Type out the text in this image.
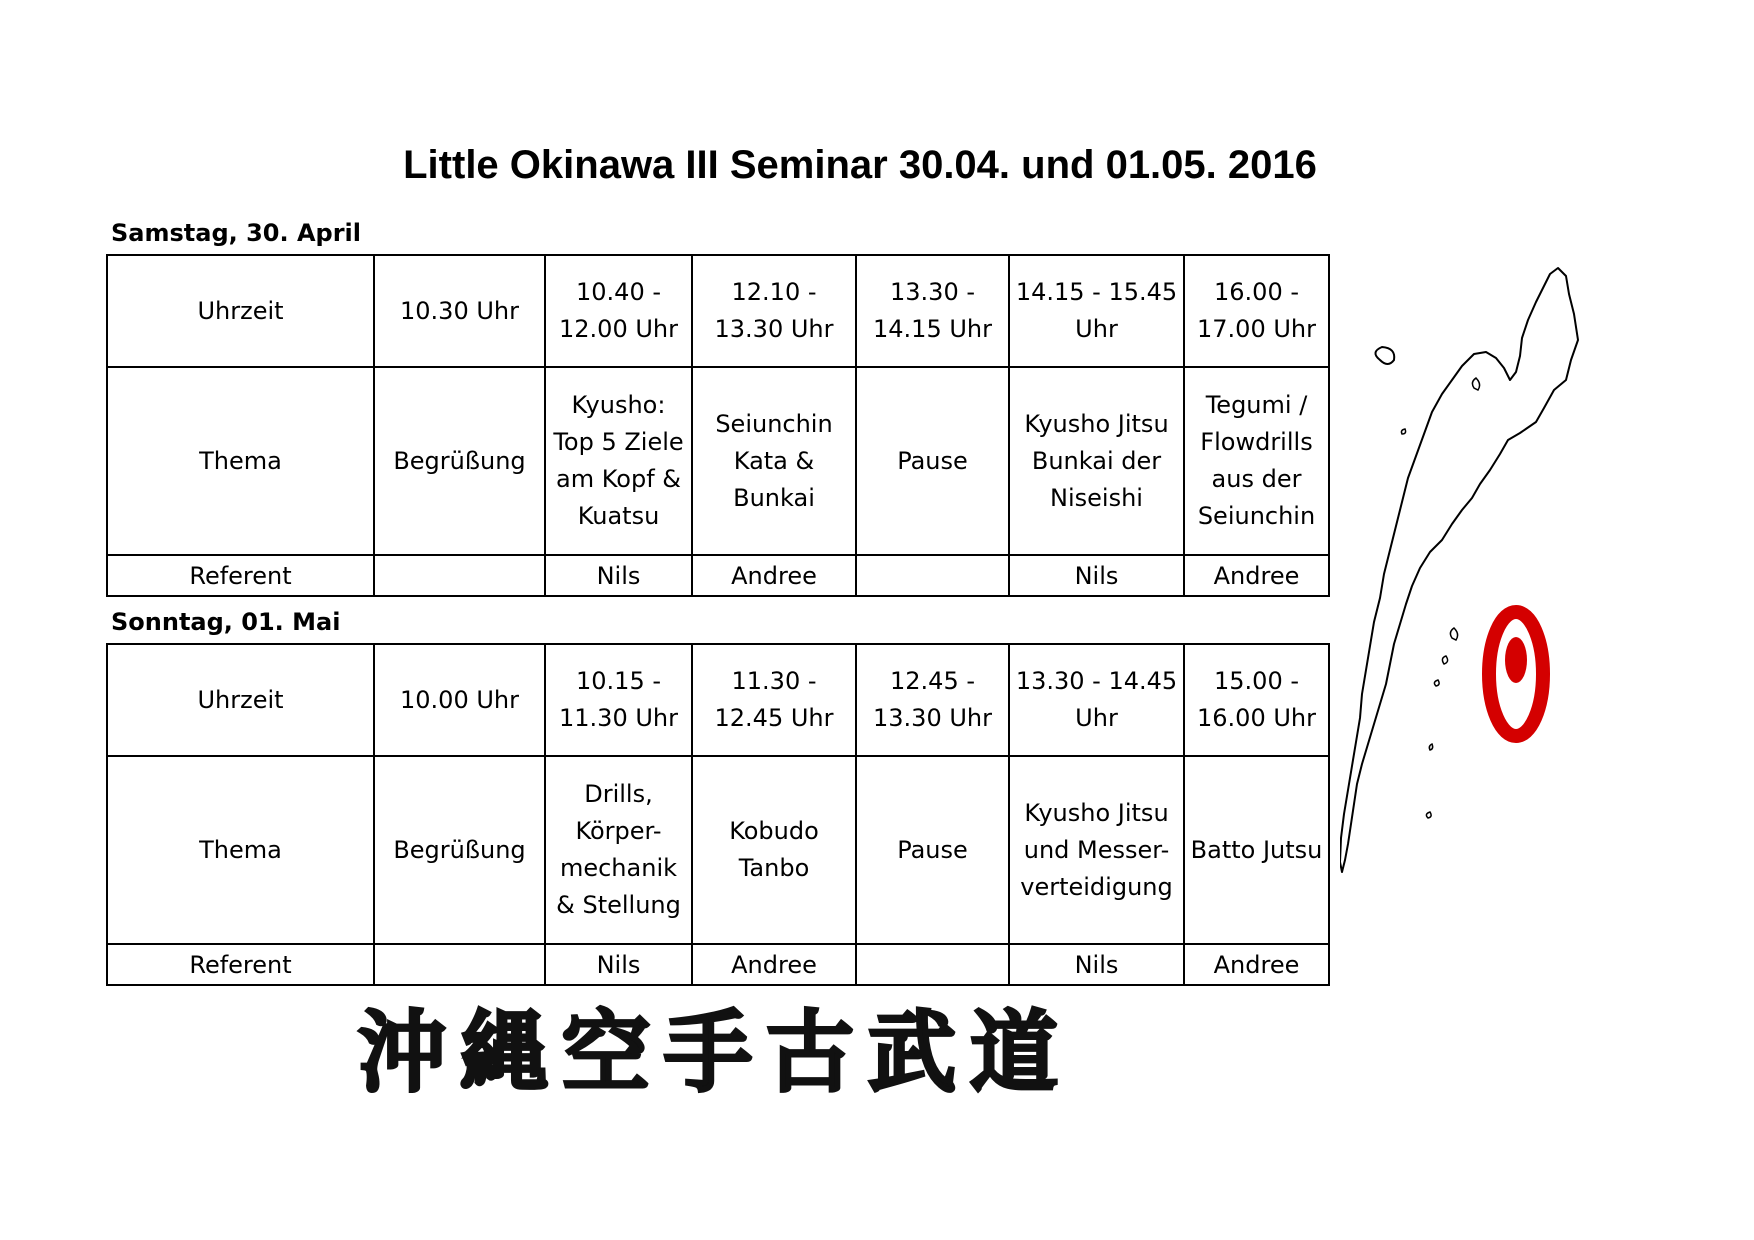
Little Okinawa III Seminar 30.04. und 01.05. 2016
Samstag, 30. April
Uhrzeit	10.30 Uhr	10.40 - 12.00 Uhr	12.10 - 13.30 Uhr	13.30 - 14.15 Uhr	14.15 - 15.45 Uhr	16.00 - 17.00 Uhr
Thema	Begrüßung	Kyusho: Top 5 Ziele am Kopf & Kuatsu	Seiunchin Kata & Bunkai	Pause	Kyusho Jitsu Bunkai der Niseishi	Tegumi / Flowdrills aus der Seiunchin
Referent		Nils	Andree		Nils	Andree
Sonntag, 01. Mai
Uhrzeit	10.00 Uhr	10.15 - 11.30 Uhr	11.30 - 12.45 Uhr	12.45 - 13.30 Uhr	13.30 - 14.45 Uhr	15.00 - 16.00 Uhr
Thema	Begrüßung	Drills, Körper-mechanik & Stellung	Kobudo Tanbo	Pause	Kyusho Jitsu und Messer-verteidigung	Batto Jutsu
Referent		Nils	Andree		Nils	Andree
沖縄空手古武道
